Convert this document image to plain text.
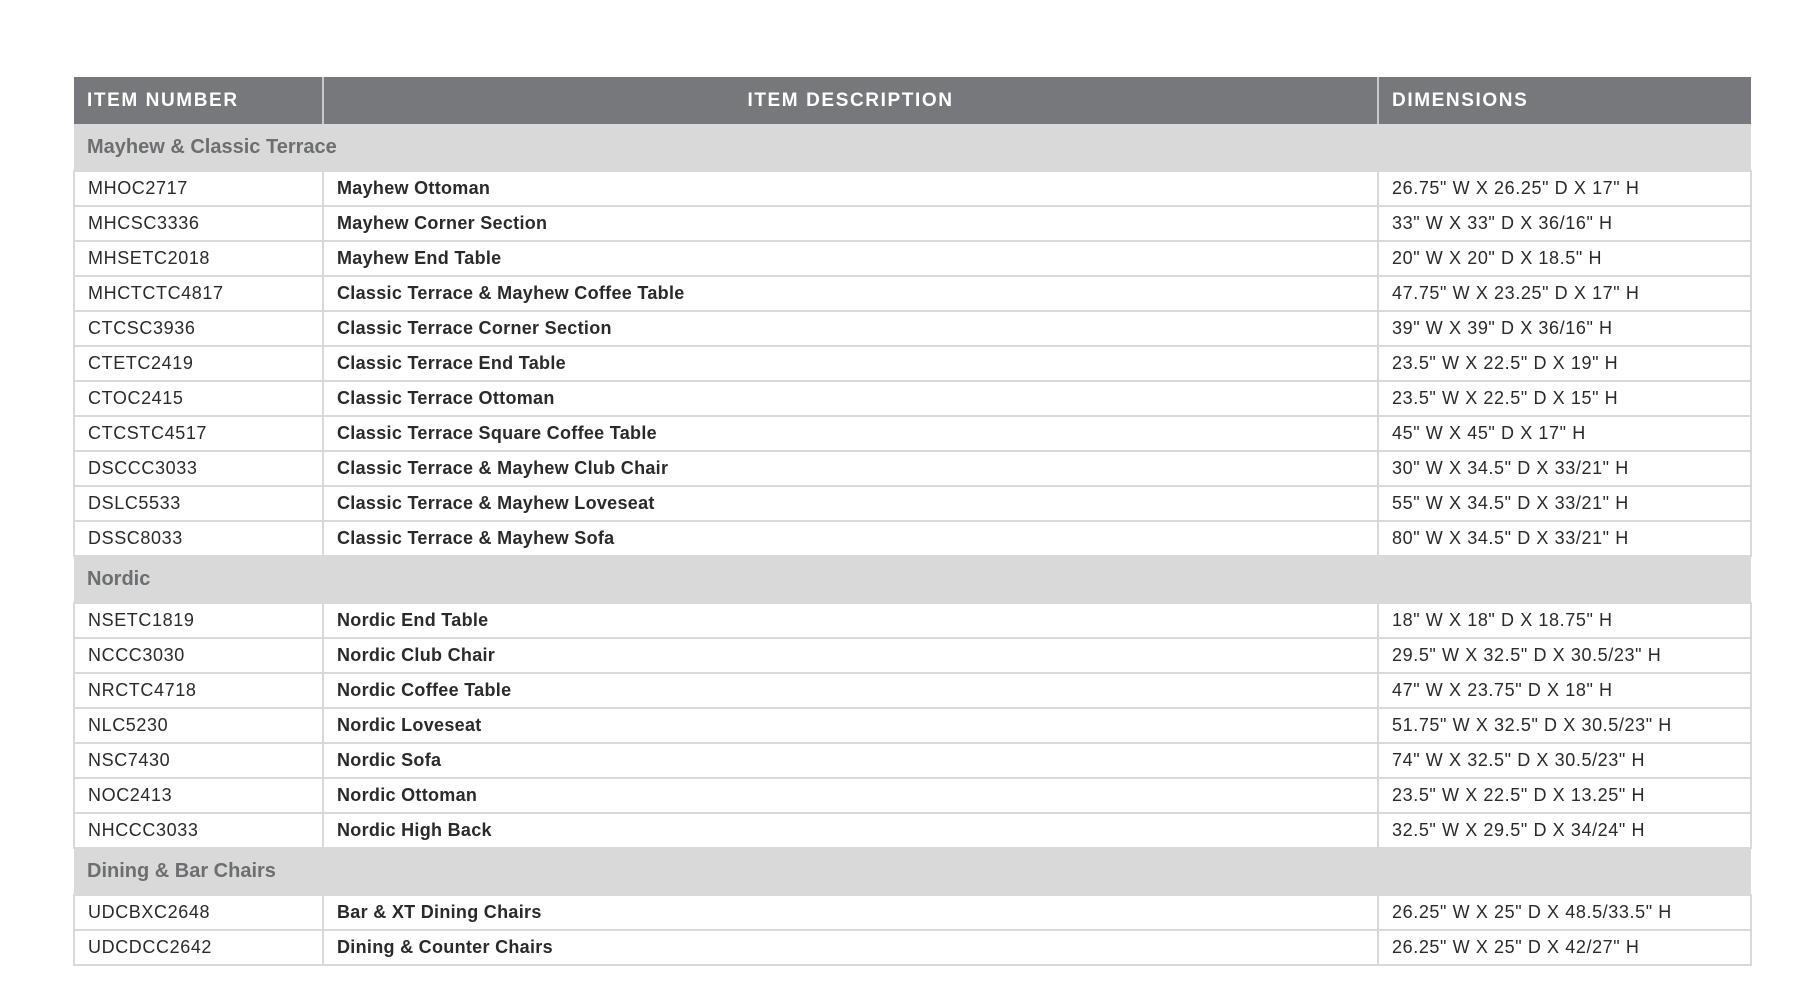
ITEM NUMBER	ITEM DESCRIPTION	DIMENSIONS
Mayhew & Classic Terrace		
MHOC2717	Mayhew Ottoman	26.75" W X 26.25" D X 17" H
MHCSC3336	Mayhew Corner Section	33" W X 33" D X 36/16" H
MHSETC2018	Mayhew End Table	20" W X 20" D X 18.5" H
MHCTCTC4817	Classic Terrace & Mayhew Coffee Table	47.75" W X 23.25" D X 17" H
CTCSC3936	Classic Terrace Corner Section	39" W X 39" D X 36/16" H
CTETC2419	Classic Terrace End Table	23.5" W X 22.5" D X 19" H
CTOC2415	Classic Terrace Ottoman	23.5" W X 22.5" D X 15" H
CTCSTC4517	Classic Terrace Square Coffee Table	45" W X 45" D X 17" H
DSCCC3033	Classic Terrace & Mayhew Club Chair	30" W X 34.5" D X 33/21" H
DSLC5533	Classic Terrace & Mayhew Loveseat	55" W X 34.5" D X 33/21" H
DSSC8033	Classic Terrace & Mayhew Sofa	80" W X 34.5" D X 33/21" H
Nordic		
NSETC1819	Nordic End Table	18" W X 18" D X 18.75" H
NCCC3030	Nordic Club Chair	29.5" W X 32.5" D X 30.5/23" H
NRCTC4718	Nordic Coffee Table	47" W X 23.75" D X 18" H
NLC5230	Nordic Loveseat	51.75" W X 32.5" D X 30.5/23" H
NSC7430	Nordic Sofa	74" W X 32.5" D X 30.5/23" H
NOC2413	Nordic Ottoman	23.5" W X 22.5" D X 13.25" H
NHCCC3033	Nordic High Back	32.5" W X 29.5" D X 34/24" H
Dining & Bar Chairs		
UDCBXC2648	Bar & XT Dining Chairs	26.25" W X 25" D X 48.5/33.5" H
UDCDCC2642	Dining & Counter Chairs	26.25" W X 25" D X 42/27" H
